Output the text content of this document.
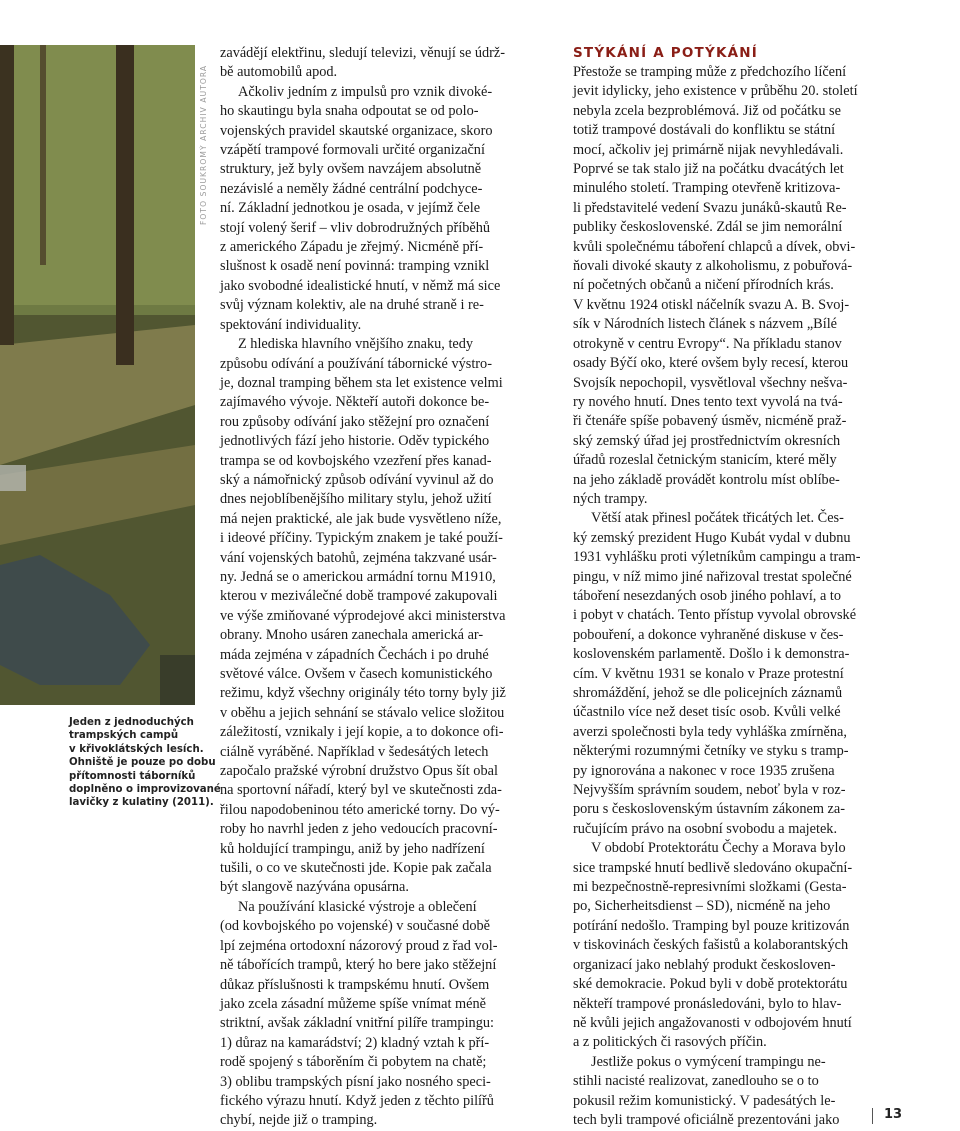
FOTO SOUKROMÝ ARCHIV AUTORA
Jeden z jednoduchých
trampských campů
v křivoklátských lesích.
Ohniště je pouze po dobu
přítomnosti táborníků
doplněno o improvizované
lavičky z kulatiny (2011).
zavádějí elektřinu, sledují televizi, věnují se údrž-
bě automobilů apod.
Ačkoliv jedním z impulsů pro vznik divoké-
ho skautingu byla snaha odpoutat se od polo-
vojenských pravidel skautské organizace, skoro
vzápětí trampové formovali určité organizační
struktury, jež byly ovšem navzájem absolutně
nezávislé a neměly žádné centrální podchyce-
ní. Základní jednotkou je osada, v jejímž čele
stojí volený šerif – vliv dobrodružných příběhů
z amerického Západu je zřejmý. Nicméně pří-
slušnost k osadě není povinná: tramping vznikl
jako svobodné idealistické hnutí, v němž má sice
svůj význam kolektiv, ale na druhé straně i re-
spektování individuality.
Z hlediska hlavního vnějšího znaku, tedy
způsobu odívání a používání tábornické výstro-
je, doznal tramping během sta let existence velmi
zajímavého vývoje. Někteří autoři dokonce be-
rou způsoby odívání jako stěžejní pro označení
jednotlivých fází jeho historie. Oděv typického
trampa se od kovbojského vzezření přes kanad-
ský a námořnický způsob odívání vyvinul až do
dnes nejoblíbenějšího military stylu, jehož užití
má nejen praktické, ale jak bude vysvětleno níže,
i ideové příčiny. Typickým znakem je také použí-
vání vojenských batohů, zejména takzvané usár-
ny. Jedná se o americkou armádní tornu M1910,
kterou v meziválečné době trampové zakupovali
ve výše zmiňované výprodejové akci ministerstva
obrany. Mnoho usáren zanechala americká ar-
máda zejména v západních Čechách i po druhé
světové válce. Ovšem v časech komunistického
režimu, když všechny originály této torny byly již
v oběhu a jejich sehnání se stávalo velice složitou
záležitostí, vznikaly i její kopie, a to dokonce ofi-
ciálně vyráběné. Například v šedesátých letech
započalo pražské výrobní družstvo Opus šít obal
na sportovní nářadí, který byl ve skutečnosti zda-
řilou napodobeninou této americké torny. Do vý-
roby ho navrhl jeden z jeho vedoucích pracovní-
ků holdující trampingu, aniž by jeho nadřízení
tušili, o co ve skutečnosti jde. Kopie pak začala
být slangově nazývána opusárna.
Na používání klasické výstroje a oblečení
(od kovbojského po vojenské) v současné době
lpí zejména ortodoxní názorový proud z řad vol-
ně tábořících trampů, který ho bere jako stěžejní
důkaz příslušnosti k trampskému hnutí. Ovšem
jako zcela zásadní můžeme spíše vnímat méně
striktní, avšak základní vnitřní pilíře trampingu:
1) důraz na kamarádství; 2) kladný vztah k pří-
rodě spojený s táborěním či pobytem na chatě;
3) oblibu trampských písní jako nosného speci-
fického výrazu hnutí. Když jeden z těchto pilířů
chybí, nejde již o tramping.
STÝKÁNÍ A POTÝKÁNÍ
Přestože se tramping může z předchozího líčení
jevit idylicky, jeho existence v průběhu 20. století
nebyla zcela bezproblémová. Již od počátku se
totiž trampové dostávali do konfliktu se státní
mocí, ačkoliv jej primárně nijak nevyhledávali.
Poprvé se tak stalo již na počátku dvacátých let
minulého století. Tramping otevřeně kritizova-
li představitelé vedení Svazu junáků-skautů Re-
publiky československé. Zdál se jim nemorální
kvůli společnému táboření chlapců a dívek, obvi-
ňovali divoké skauty z alkoholismu, z pobuřová-
ní početných občanů a ničení přírodních krás.
V květnu 1924 otiskl náčelník svazu A. B. Svoj-
sík v Národních listech článek s názvem „Bílé
otrokyně v centru Evropy“. Na příkladu stanov
osady Býčí oko, které ovšem byly recesí, kterou
Svojsík nepochopil, vysvětloval všechny nešva-
ry nového hnutí. Dnes tento text vyvolá na tvá-
ři čtenáře spíše pobavený úsměv, nicméně praž-
ský zemský úřad jej prostřednictvím okresních
úřadů rozeslal četnickým stanicím, které měly
na jeho základě provádět kontrolu míst oblíbe-
ných trampy.
Větší atak přinesl počátek třicátých let. Čes-
ký zemský prezident Hugo Kubát vydal v dubnu
1931 vyhlášku proti výletníkům campingu a tram-
pingu, v níž mimo jiné nařizoval trestat společné
táboření nesezdaných osob jiného pohlaví, a to
i pobyt v chatách. Tento přístup vyvolal obrovské
pobouření, a dokonce vyhraněné diskuse v čes-
koslovenském parlamentě. Došlo i k demonstra-
cím. V květnu 1931 se konalo v Praze protestní
shromáždění, jehož se dle policejních záznamů
účastnilo více než deset tisíc osob. Kvůli velké
averzi společnosti byla tedy vyhláška zmírněna,
některými rozumnými četníky ve styku s tramp-
py ignorována a nakonec v roce 1935 zrušena
Nejvyšším správním soudem, neboť byla v roz-
poru s československým ústavním zákonem za-
ručujícím právo na osobní svobodu a majetek.
V období Protektorátu Čechy a Morava bylo
sice trampské hnutí bedlivě sledováno okupační-
mi bezpečnostně-represivními složkami (Gesta-
po, Sicherheitsdienst – SD), nicméně na jeho
potírání nedošlo. Tramping byl pouze kritizován
v tiskovinách českých fašistů a kolaborantských
organizací jako neblahý produkt českosloven-
ské demokracie. Pokud byli v době protektorátu
někteří trampové pronásledováni, bylo to hlav-
ně kvůli jejich angažovanosti v odbojovém hnutí
a z politických či rasových příčin.
Jestliže pokus o vymýcení trampingu ne-
stihli nacisté realizovat, zanedlouho se o to
pokusil režim komunistický. V padesátých le-
tech byli trampové oficiálně prezentováni jako	13
